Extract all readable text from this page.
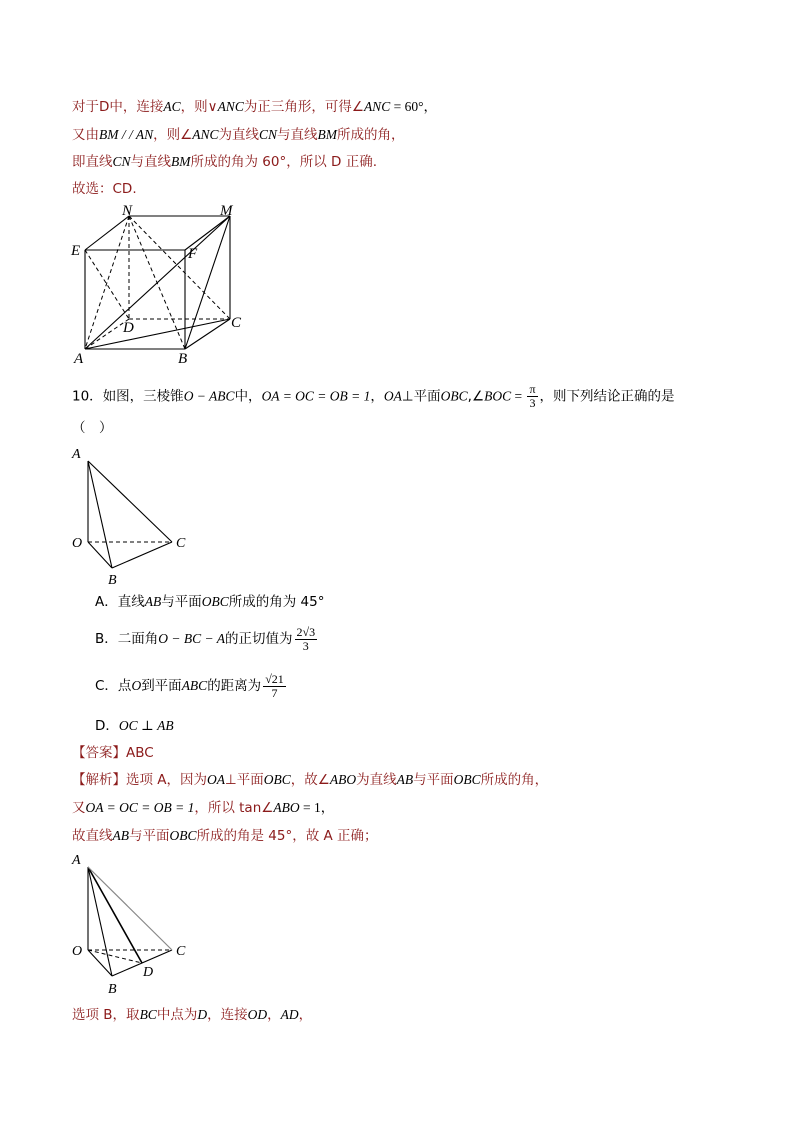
对于D中，连接AC，则∨ANC为正三角形，可得∠ANC = 60°，
又由BM / / AN，则∠ANC为直线CN与直线BM所成的角，
即直线CN与直线BM所成的角为 60°，所以 D 正确.
故选：CD.
N	M
E	F
D	C
A	B
10．如图，三棱锥O − ABC中，OA = OC = OB = 1，OA⊥平面OBC,∠BOC = $\frac{\pi}{3}$ ，则下列结论正确的是
（　）
A
O	C
B
A．直线AB与平面OBC所成的角为 45°
B．二面角O − BC − A的正切值为 $\frac{2√3}{3}$
C．点O到平面ABC的距离为 $\frac{√21}{7}$
D．OC ⊥ AB
【答案】ABC
【解析】选项 A，因为OA⊥平面OBC，故∠ABO为直线AB与平面OBC所成的角，
又OA = OC = OB = 1，所以 tan∠ABO = 1，
故直线AB与平面OBC所成的角是 45°，故 A 正确；
A
O	C
D
B
选项 B，取BC中点为D，连接OD，AD，
